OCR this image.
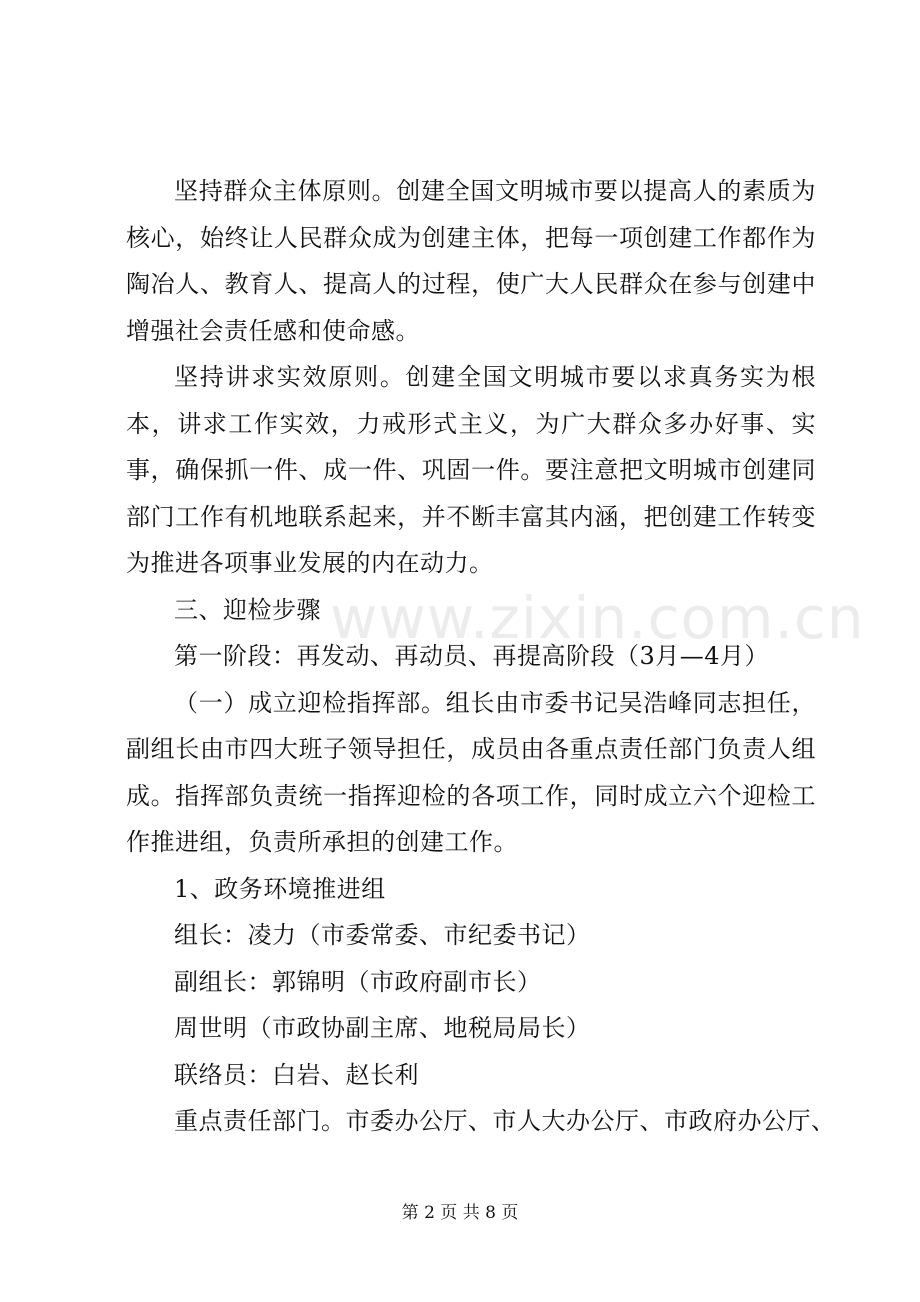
坚持群众主体原则。创建全国文明城市要以提高人的素质为核心，始终让人民群众成为创建主体，把每一项创建工作都作为陶冶人、教育人、提高人的过程，使广大人民群众在参与创建中增强社会责任感和使命感。

坚持讲求实效原则。创建全国文明城市要以求真务实为根本，讲求工作实效，力戒形式主义，为广大群众多办好事、实事，确保抓一件、成一件、巩固一件。要注意把文明城市创建同部门工作有机地联系起来，并不断丰富其内涵，把创建工作转变为推进各项事业发展的内在动力。

三、迎检步骤

第一阶段：再发动、再动员、再提高阶段（3月—4月）

（一）成立迎检指挥部。组长由市委书记吴浩峰同志担任，副组长由市四大班子领导担任，成员由各重点责任部门负责人组成。指挥部负责统一指挥迎检的各项工作，同时成立六个迎检工作推进组，负责所承担的创建工作。

1、政务环境推进组

组长：凌力（市委常委、市纪委书记）

副组长：郭锦明（市政府副市长）

周世明（市政协副主席、地税局局长）

联络员：白岩、赵长利

重点责任部门。市委办公厅、市人大办公厅、市政府办公厅、

www.zixin.com.cn
第 2 页 共 8 页
